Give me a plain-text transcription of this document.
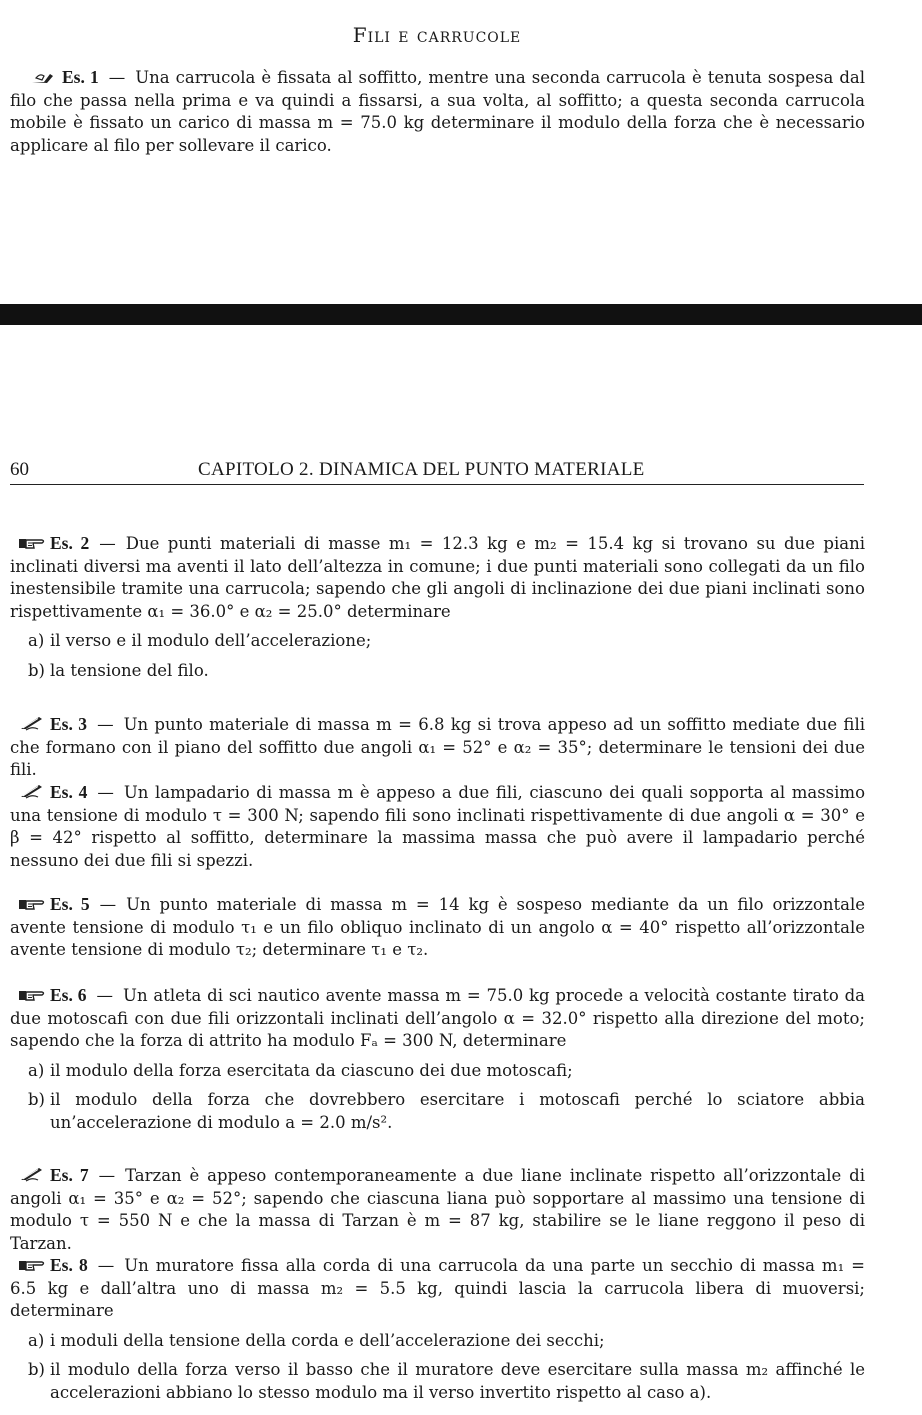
Fili e carrucole

Es. 1 — Una carrucola è fissata al soffitto, mentre una seconda carrucola è tenuta sospesa dal filo che passa nella prima e va quindi a fissarsi, a sua volta, al soffitto; a questa seconda carrucola mobile è fissato un carico di massa m = 75.0 kg determinare il modulo della forza che è necessario applicare al filo per sollevare il carico.

60	CAPITOLO 2. DINAMICA DEL PUNTO MATERIALE

Es. 2 — Due punti materiali di masse m₁ = 12.3 kg e m₂ = 15.4 kg si trovano su due piani inclinati diversi ma aventi il lato dell’altezza in comune; i due punti materiali sono collegati da un filo inestensibile tramite una carrucola; sapendo che gli angoli di inclinazione dei due piani inclinati sono rispettivamente α₁ = 36.0° e α₂ = 25.0° determinare

a) il verso e il modulo dell’accelerazione;
b) la tensione del filo.

Es. 3 — Un punto materiale di massa m = 6.8 kg si trova appeso ad un soffitto mediate due fili che formano con il piano del soffitto due angoli α₁ = 52° e α₂ = 35°; determinare le tensioni dei due fili.

Es. 4 — Un lampadario di massa m è appeso a due fili, ciascuno dei quali sopporta al massimo una tensione di modulo τ = 300 N; sapendo fili sono inclinati rispettivamente di due angoli α = 30° e β = 42° rispetto al soffitto, determinare la massima massa che può avere il lampadario perché nessuno dei due fili si spezzi.

Es. 5 — Un punto materiale di massa m = 14 kg è sospeso mediante da un filo orizzontale avente tensione di modulo τ₁ e un filo obliquo inclinato di un angolo α = 40° rispetto all’orizzontale avente tensione di modulo τ₂; determinare τ₁ e τ₂.

Es. 6 — Un atleta di sci nautico avente massa m = 75.0 kg procede a velocità costante tirato da due motoscafi con due fili orizzontali inclinati dell’angolo α = 32.0° rispetto alla direzione del moto; sapendo che la forza di attrito ha modulo Fₐ = 300 N, determinare

a) il modulo della forza esercitata da ciascuno dei due motoscafi;
b) il modulo della forza che dovrebbero esercitare i motoscafi perché lo sciatore abbia un’accelerazione di modulo a = 2.0 m/s².

Es. 7 — Tarzan è appeso contemporaneamente a due liane inclinate rispetto all’orizzontale di angoli α₁ = 35° e α₂ = 52°; sapendo che ciascuna liana può sopportare al massimo una tensione di modulo τ = 550 N e che la massa di Tarzan è m = 87 kg, stabilire se le liane reggono il peso di Tarzan.

Es. 8 — Un muratore fissa alla corda di una carrucola da una parte un secchio di massa m₁ = 6.5 kg e dall’altra uno di massa m₂ = 5.5 kg, quindi lascia la carrucola libera di muoversi; determinare

a) i moduli della tensione della corda e dell’accelerazione dei secchi;
b) il modulo della forza verso il basso che il muratore deve esercitare sulla massa m₂ affinché le accelerazioni abbiano lo stesso modulo ma il verso invertito rispetto al caso a).
